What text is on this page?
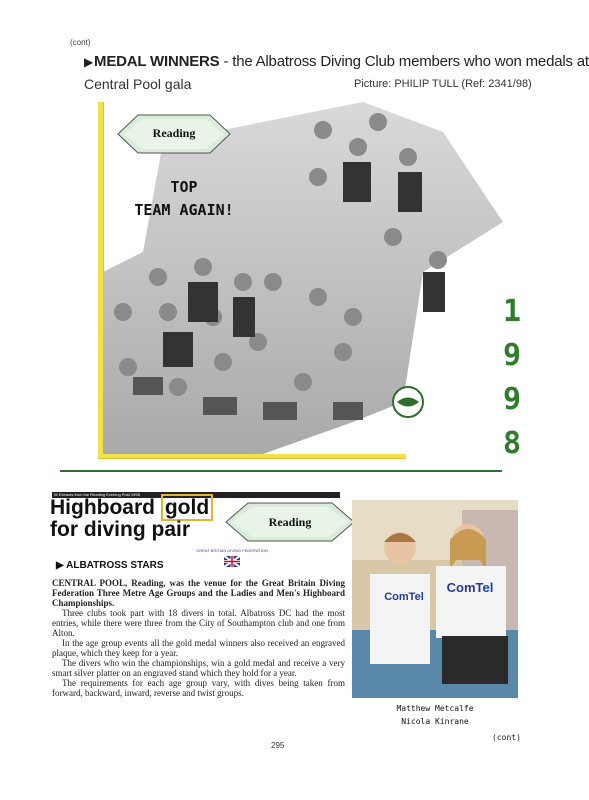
(cont)
▶MEDAL WINNERS - the Albatross Diving Club members who won medals at
Central Pool gala	Picture: PHILIP TULL (Ref: 2341/98)
Reading
TOP
TEAM AGAIN!
1
9
9
8
W Extracts from the Reading Evening Post 1998
Highboard gold
for diving pair	Reading
GREAT BRITAIN DIVING FEDERATION
▶ ALBATROSS STARS

CENTRAL POOL, Reading, was the venue for the Great Britain Diving Federation Three Metre Age Groups and the Ladies and Men's Highboard Championships.

Three clubs took part with 18 divers in total. Albatross DC had the most entries, while there were three from the City of Southampton club and one from Alton.

In the age group events all the gold medal winners also received an engraved plaque, which they keep for a year.

The divers who win the championships, win a gold medal and receive a very smart silver platter on an engraved stand which they hold for a year.

The requirements for each age group vary, with dives being taken from forward, backward, inward, reverse and twist groups.

ComTel
ComTel
Matthew Metcalfe
Nicola Kinrane
295
(cont)
